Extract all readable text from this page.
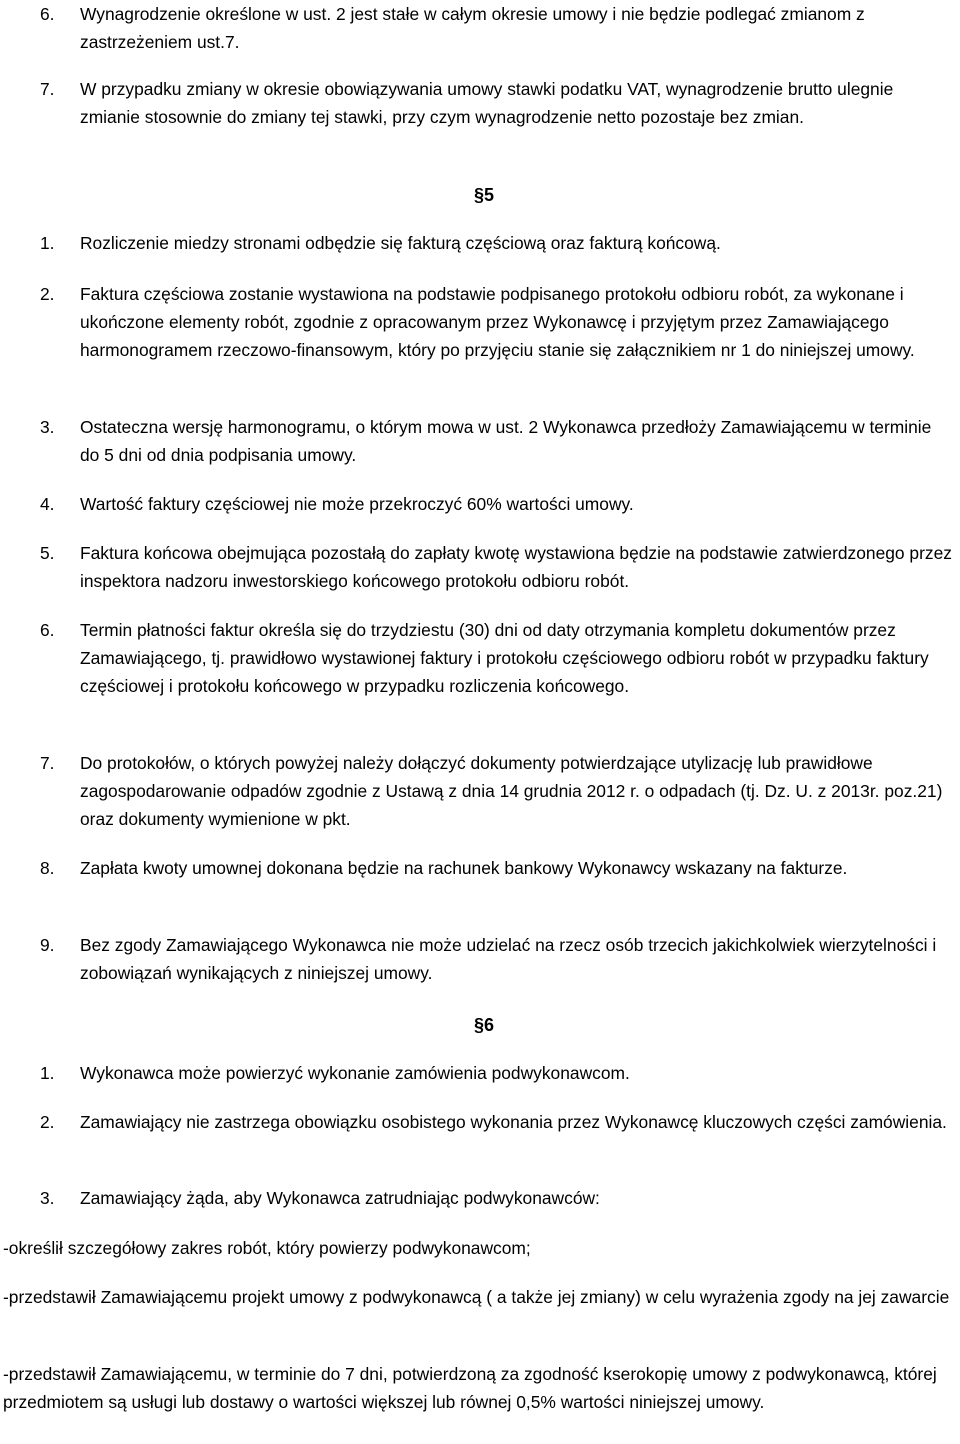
6.	Wynagrodzenie określone w ust. 2 jest stałe w całym okresie umowy i nie będzie podlegać zmianom z zastrzeżeniem ust.7.
7.	W przypadku zmiany w okresie obowiązywania umowy stawki podatku VAT, wynagrodzenie brutto ulegnie zmianie stosownie do zmiany tej stawki, przy czym wynagrodzenie netto pozostaje bez zmian.
§5
1.	Rozliczenie miedzy stronami odbędzie się fakturą częściową oraz fakturą końcową.
2.	Faktura częściowa zostanie wystawiona na podstawie podpisanego protokołu odbioru robót, za wykonane i ukończone elementy robót, zgodnie z opracowanym przez Wykonawcę i przyjętym przez Zamawiającego harmonogramem rzeczowo-finansowym, który po przyjęciu stanie się załącznikiem nr 1 do niniejszej umowy.
3.	Ostateczna wersję harmonogramu, o którym mowa w ust. 2 Wykonawca przedłoży Zamawiającemu w terminie do 5 dni od dnia podpisania umowy.
4.	Wartość faktury częściowej nie może przekroczyć 60% wartości umowy.
5.	Faktura końcowa obejmująca pozostałą do zapłaty kwotę wystawiona będzie na podstawie zatwierdzonego przez inspektora nadzoru inwestorskiego końcowego protokołu odbioru robót.
6.	Termin płatności faktur określa się do trzydziestu (30) dni od daty otrzymania kompletu dokumentów przez Zamawiającego, tj. prawidłowo wystawionej faktury i protokołu częściowego odbioru robót w przypadku faktury częściowej i protokołu końcowego w przypadku rozliczenia końcowego.
7.	Do protokołów, o których powyżej należy dołączyć dokumenty potwierdzające utylizację lub prawidłowe zagospodarowanie odpadów zgodnie z Ustawą z dnia 14 grudnia 2012 r. o odpadach (tj. Dz. U. z 2013r. poz.21) oraz dokumenty wymienione w pkt.
8.	Zapłata kwoty umownej dokonana będzie na rachunek bankowy Wykonawcy wskazany na fakturze.
9.	Bez zgody Zamawiającego Wykonawca nie może udzielać na rzecz osób trzecich jakichkolwiek wierzytelności i zobowiązań wynikających z niniejszej umowy.
§6
1.	Wykonawca może powierzyć wykonanie zamówienia podwykonawcom.
2.	Zamawiający nie zastrzega obowiązku osobistego wykonania przez Wykonawcę kluczowych części zamówienia.
3.	Zamawiający żąda, aby Wykonawca zatrudniając podwykonawców:
-określił szczegółowy zakres robót, który powierzy podwykonawcom;
-przedstawił Zamawiającemu projekt umowy z podwykonawcą ( a także jej zmiany) w celu wyrażenia zgody na jej zawarcie
-przedstawił Zamawiającemu, w terminie do 7 dni, potwierdzoną za zgodność kserokopię umowy z podwykonawcą, której przedmiotem są usługi lub dostawy o wartości większej lub równej 0,5% wartości niniejszej umowy.
